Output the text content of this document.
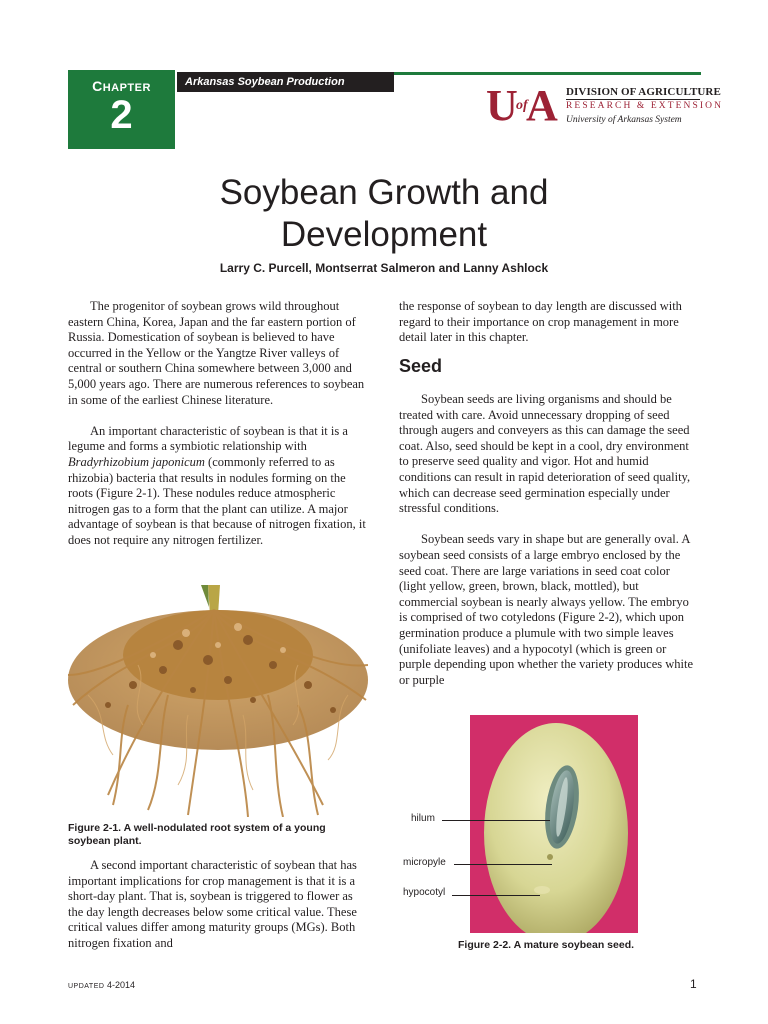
CHAPTER
2
Arkansas Soybean Production Handbook	U A
of
DIVISION OF AGRICULTURE
RESEARCH & EXTENSION
University of Arkansas System
Soybean Growth and
Development
Larry C. Purcell, Montserrat Salmeron and Lanny Ashlock

The progenitor of soybean grows wild throughout eastern China, Korea, Japan and the far eastern portion of Russia. Domestication of soybean is believed to have occurred in the Yellow or the Yangtze River valleys of central or southern China somewhere between 3,000 and 5,000 years ago. There are numerous references to soybean in some of the earliest Chinese literature.

An important characteristic of soybean is that it is a legume and forms a symbiotic relationship with Bradyrhizobium japonicum (commonly referred to as rhizobia) bacteria that results in nodules forming on the roots (Figure 2-1). These nodules reduce atmospheric nitrogen gas to a form that the plant can utilize. A major advantage of soybean is that because of nitrogen fixation, it does not require any nitrogen fertilizer.

Figure 2-1. A well-nodulated root system of a young soybean plant.

A second important characteristic of soybean that has important implications for crop management is that it is a short-day plant. That is, soybean is triggered to flower as the day length decreases below some critical value. These critical values differ among maturity groups (MGs). Both nitrogen fixation and

the response of soybean to day length are discussed with regard to their importance on crop management in more detail later in this chapter.

Seed

Soybean seeds are living organisms and should be treated with care. Avoid unnecessary dropping of seed through augers and conveyers as this can damage the seed coat. Also, seed should be kept in a cool, dry environment to preserve seed quality and vigor. Hot and humid conditions can result in rapid deterioration of seed quality, which can decrease seed germination especially under stressful conditions.

Soybean seeds vary in shape but are generally oval. A soybean seed consists of a large embryo enclosed by the seed coat. There are large variations in seed coat color (light yellow, green, brown, black, mottled), but commercial soybean is nearly always yellow. The embryo is comprised of two cotyledons (Figure 2-2), which upon germination produce a plumule with two simple leaves (unifoliate leaves) and a hypocotyl (which is green or purple depending upon whether the variety produces white or purple

hilum
micropyle
hypocotyl
Figure 2-2. A mature soybean seed.
UPDATED 4-2014	1
